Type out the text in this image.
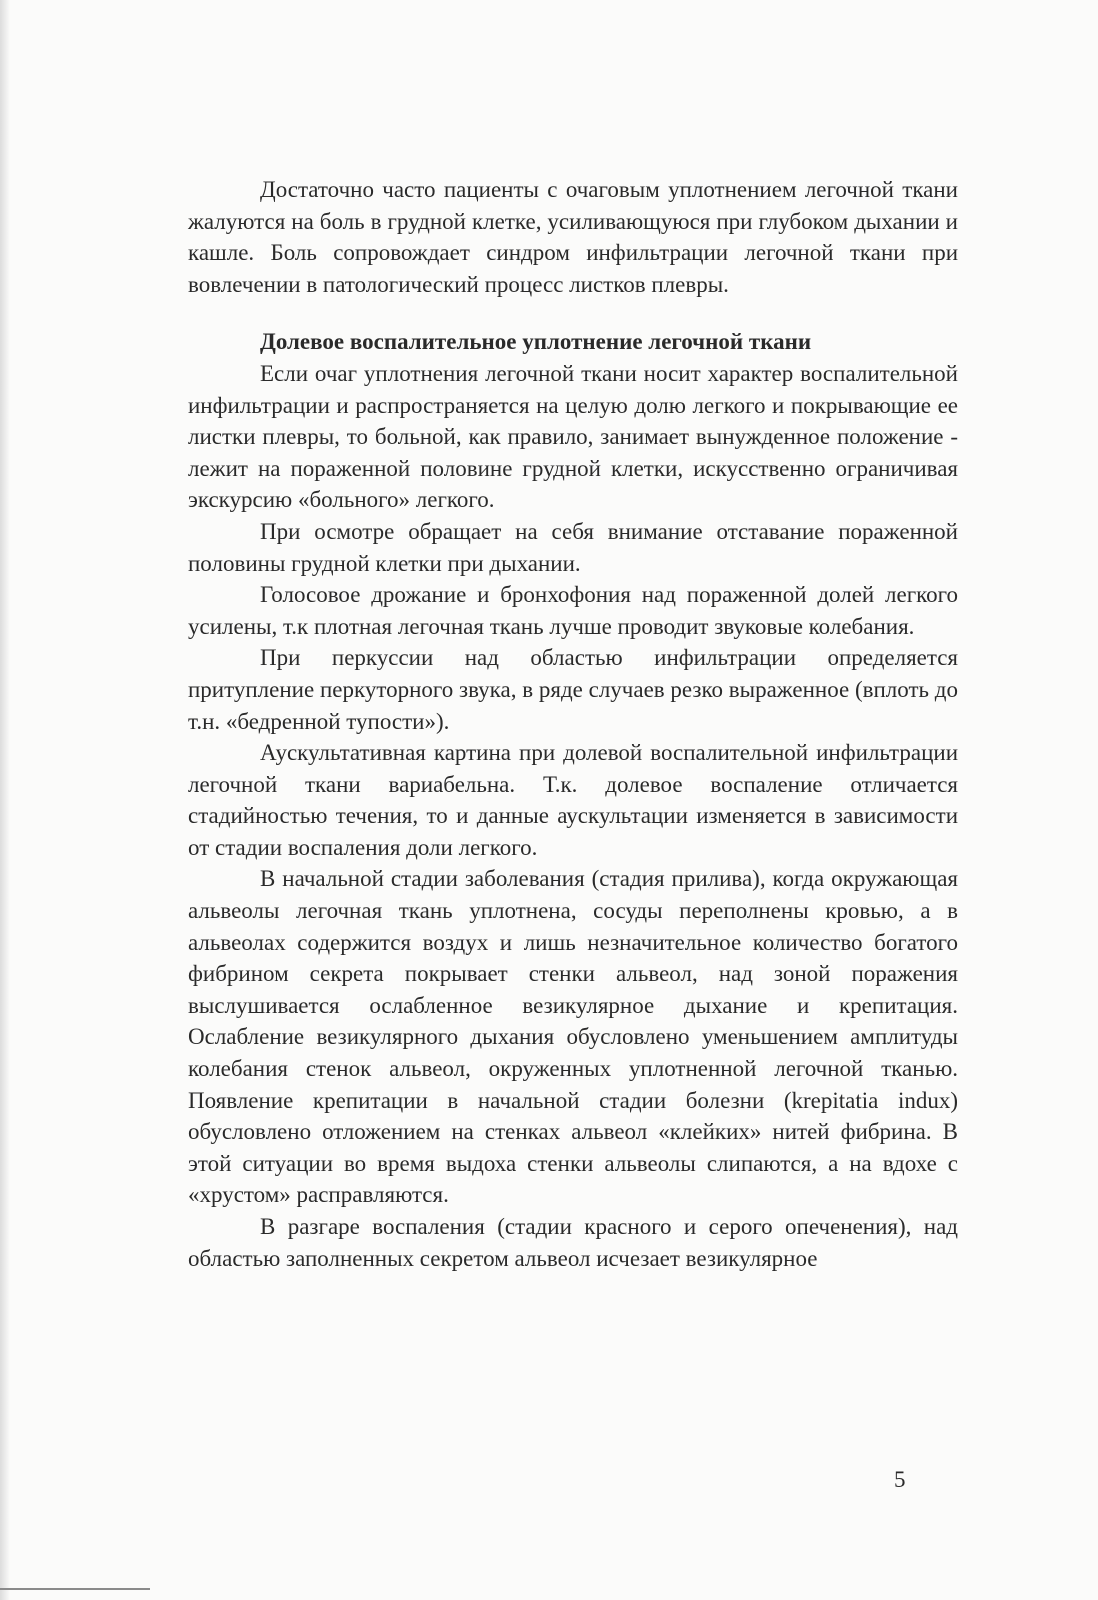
Достаточно часто пациенты с очаговым уплотнением легочной ткани жалуются на боль в грудной клетке, усиливающуюся при глубоком дыхании и кашле. Боль сопровождает синдром инфильтрации легочной ткани при вовлечении в патологический процесс листков плевры.

Долевое воспалительное уплотнение легочной ткани

Если очаг уплотнения легочной ткани носит характер воспалительной инфильтрации и распространяется на целую долю легкого и покрывающие ее листки плевры, то больной, как правило, занимает вынужденное положение - лежит на пораженной половине грудной клетки, искусственно ограничивая экскурсию «больного» легкого.

При осмотре обращает на себя внимание отставание пораженной половины грудной клетки при дыхании.

Голосовое дрожание и бронхофония над пораженной долей легкого усилены, т.к плотная легочная ткань лучше проводит звуковые колебания.

При перкуссии над областью инфильтрации определяется притупление перкуторного звука, в ряде случаев резко выраженное (вплоть до т.н. «бедренной тупости»).

Аускультативная картина при долевой воспалительной инфильтрации легочной ткани вариабельна. Т.к. долевое воспаление отличается стадийностью течения, то и данные аускультации изменяется в зависимости от стадии воспаления доли легкого.

В начальной стадии заболевания (стадия прилива), когда окружающая альвеолы легочная ткань уплотнена, сосуды переполнены кровью, а в альвеолах содержится воздух и лишь незначительное количество богатого фибрином секрета покрывает стенки альвеол, над зоной поражения выслушивается ослабленное везикулярное дыхание и крепитация. Ослабление везикулярного дыхания обусловлено уменьшением амплитуды колебания стенок альвеол, окруженных уплотненной легочной тканью. Появление крепитации в начальной стадии болезни (krepitatia indux) обусловлено отложением на стенках альвеол «клейких» нитей фибрина. В этой ситуации во время выдоха стенки альвеолы слипаются, а на вдохе с «хрустом» расправляются.

В разгаре воспаления (стадии красного и серого опеченения), над областью заполненных секретом альвеол исчезает везикулярное

5
